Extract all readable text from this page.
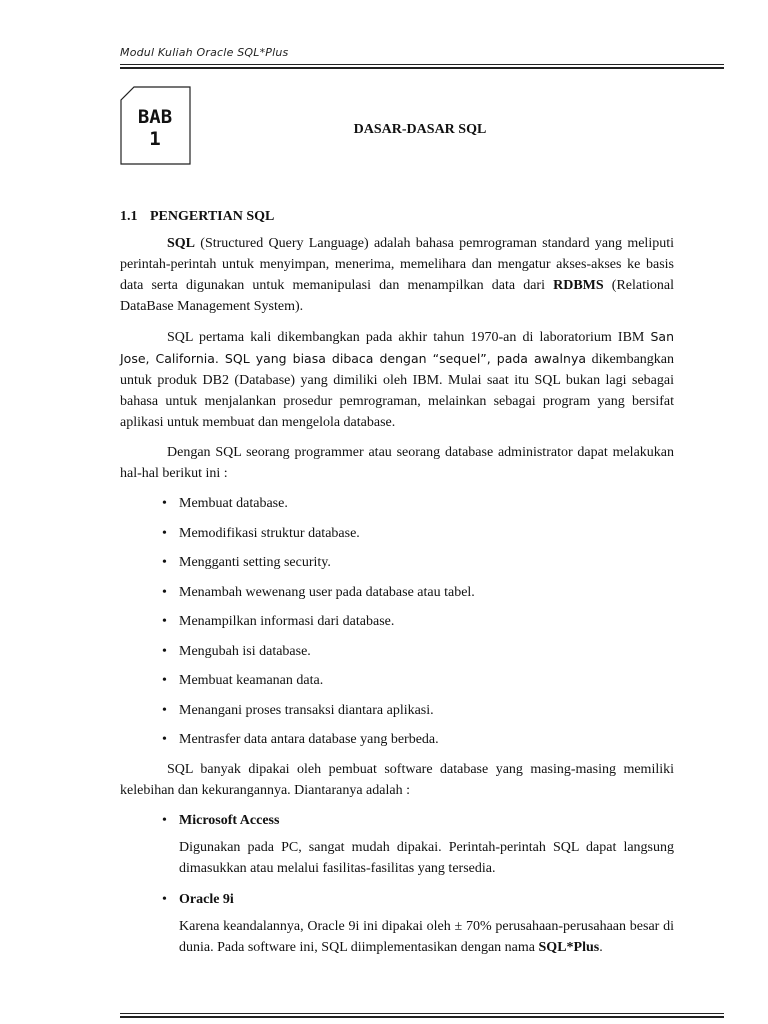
Modul Kuliah Oracle SQL*Plus
BAB
1	DASAR-DASAR SQL
1.1 PENGERTIAN SQL

SQL (Structured Query Language) adalah bahasa pemrograman standard yang meliputi perintah-perintah untuk menyimpan, menerima, memelihara dan mengatur akses-akses ke basis data serta digunakan untuk memanipulasi dan menampilkan data dari RDBMS (Relational DataBase Management System).

SQL pertama kali dikembangkan pada akhir tahun 1970-an di laboratorium IBM San Jose, California. SQL yang biasa dibaca dengan “sequel”, pada awalnya dikembangkan untuk produk DB2 (Database) yang dimiliki oleh IBM. Mulai saat itu SQL bukan lagi sebagai bahasa untuk menjalankan prosedur pemrograman, melainkan sebagai program yang bersifat aplikasi untuk membuat dan mengelola database.

Dengan SQL seorang programmer atau seorang database administrator dapat melakukan hal-hal berikut ini :

• Membuat database.
• Memodifikasi struktur database.
• Mengganti setting security.
• Menambah wewenang user pada database atau tabel.
• Menampilkan informasi dari database.
• Mengubah isi database.
• Membuat keamanan data.
• Menangani proses transaksi diantara aplikasi.
• Mentrasfer data antara database yang berbeda.

SQL banyak dipakai oleh pembuat software database yang masing-masing memiliki kelebihan dan kekurangannya. Diantaranya adalah :

• Microsoft Access
Digunakan pada PC, sangat mudah dipakai. Perintah-perintah SQL dapat langsung dimasukkan atau melalui fasilitas-fasilitas yang tersedia.
• Oracle 9i
Karena keandalannya, Oracle 9i ini dipakai oleh ± 70% perusahaan-perusahaan besar di dunia. Pada software ini, SQL diimplementasikan dengan nama SQL*Plus.
